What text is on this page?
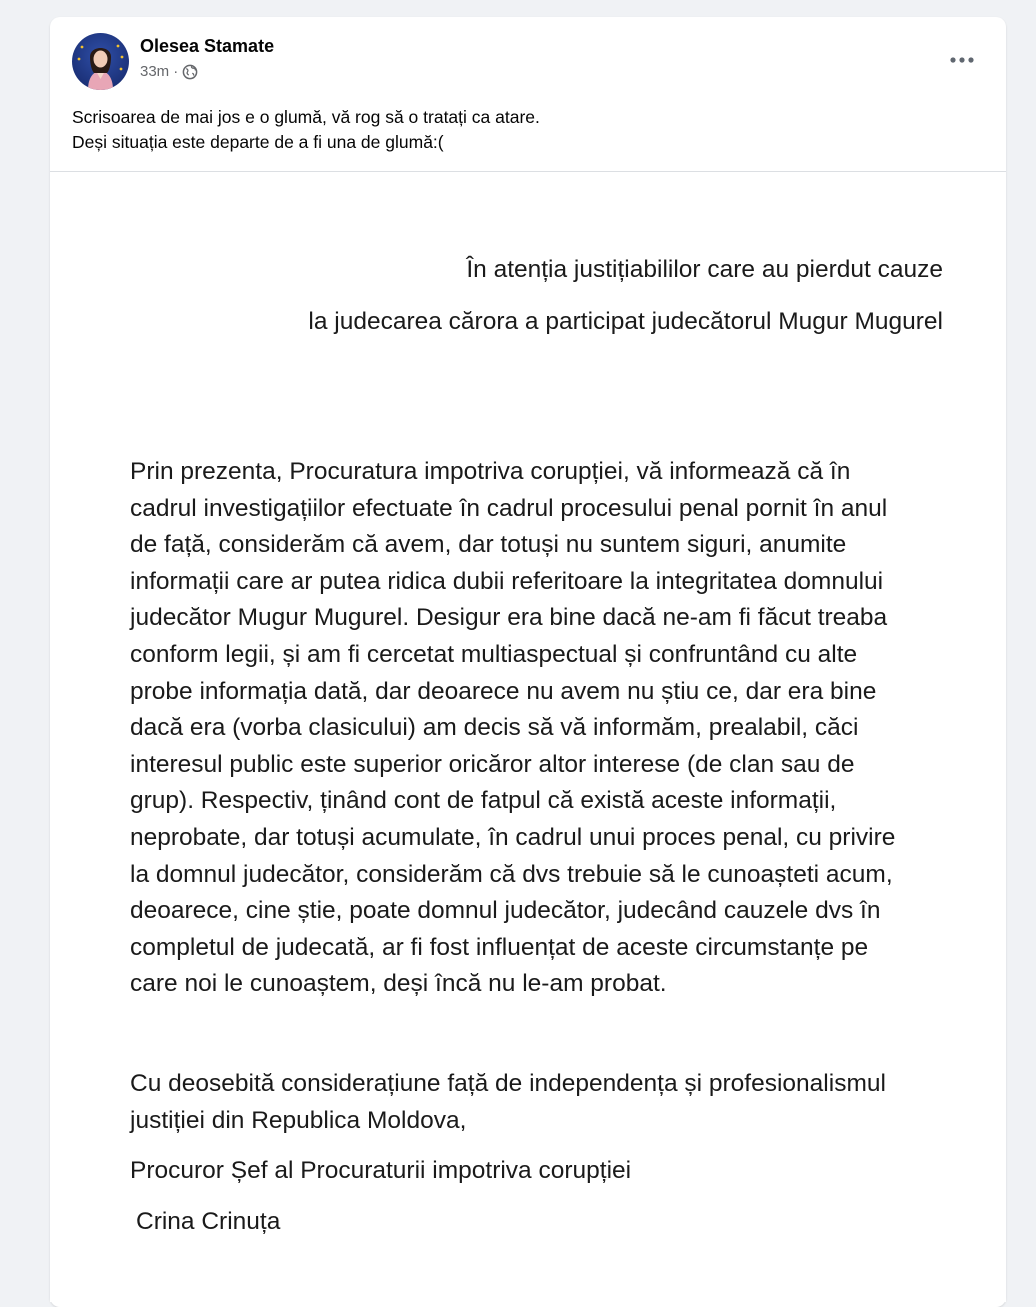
Olesea Stamate
33m ·
Scrisoarea de mai jos e o glumă, vă rog să o tratați ca atare.
Deși situația este departe de a fi una de glumă:(
În atenția justițiabililor care au pierdut cauze
la judecarea cărora a participat judecătorul Mugur Mugurel
Prin prezenta, Procuratura impotriva corupției, vă informează că în
cadrul investigațiilor efectuate în cadrul procesului penal pornit în anul
de față, considerăm că avem, dar totuși nu suntem siguri, anumite
informații care ar putea ridica dubii referitoare la integritatea domnului
judecător Mugur Mugurel. Desigur era bine dacă ne-am fi făcut treaba
conform legii, și am fi cercetat multiaspectual și confruntând cu alte
probe informația dată, dar deoarece nu avem nu știu ce, dar era bine
dacă era (vorba clasicului) am decis să vă informăm, prealabil, căci
interesul public este superior oricăror altor interese (de clan sau de
grup). Respectiv, ținând cont de fatpul că există aceste informații,
neprobate, dar totuși acumulate, în cadrul unui proces penal, cu privire
la domnul judecător, considerăm că dvs trebuie să le cunoașteti acum,
deoarece, cine știe, poate domnul judecător, judecând cauzele dvs în
completul de judecată, ar fi fost influențat de aceste circumstanțe pe
care noi le cunoaștem, deși încă nu le-am probat.
Cu deosebită considerațiune față de independența și profesionalismul
justiției din Republica Moldova,
Procuror Șef al Procuraturii impotriva corupției
Crina Crinuța
